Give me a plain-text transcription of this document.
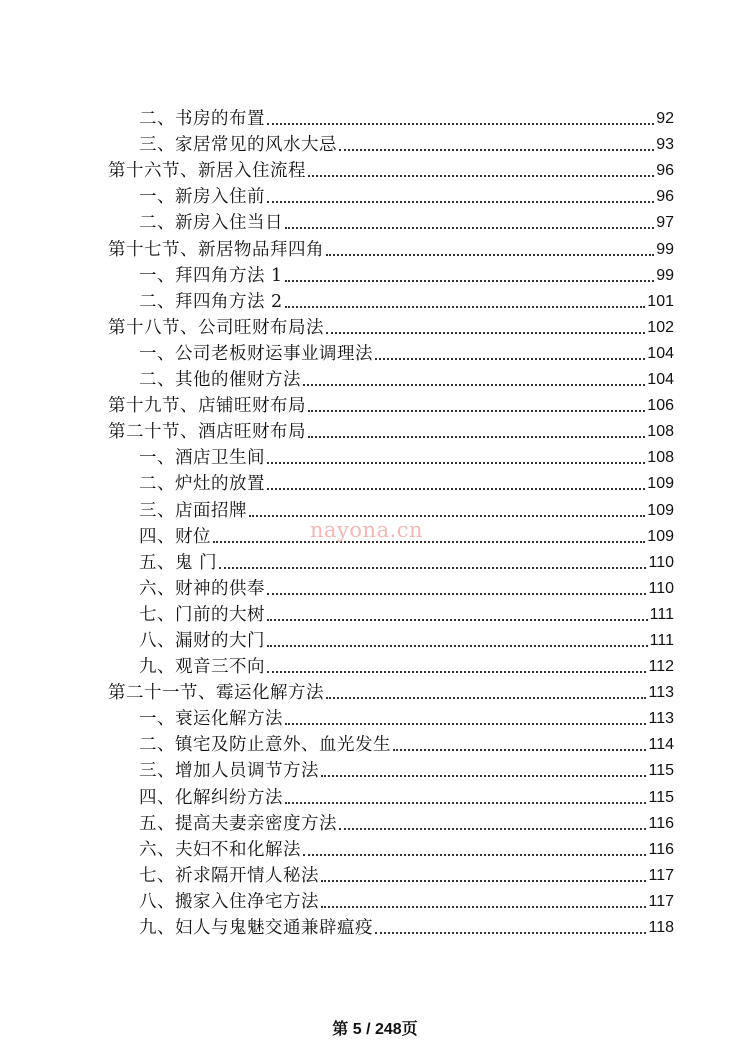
二、书房的布置	92
三、家居常见的风水大忌	93
第十六节、新居入住流程	96
一、新房入住前	96
二、新房入住当日	97
第十七节、新居物品拜四角	99
一、拜四角方法 1	99
二、拜四角方法 2	101
第十八节、公司旺财布局法	102
一、公司老板财运事业调理法	104
二、其他的催财方法	104
第十九节、店铺旺财布局	106
第二十节、酒店旺财布局	108
一、酒店卫生间	108
二、炉灶的放置	109
三、店面招牌	109
四、财位	109
五、鬼 门	110
六、财神的供奉	110
七、门前的大树	111
八、漏财的大门	111
九、观音三不向	112
第二十一节、霉运化解方法	113
一、衰运化解方法	113
二、镇宅及防止意外、血光发生	114
三、增加人员调节方法	115
四、化解纠纷方法	115
五、提高夫妻亲密度方法	116
六、夫妇不和化解法	116
七、祈求隔开情人秘法	117
八、搬家入住净宅方法	117
九、妇人与鬼魅交通兼辟瘟疫	118
nayona.cn
第 5 / 248页
